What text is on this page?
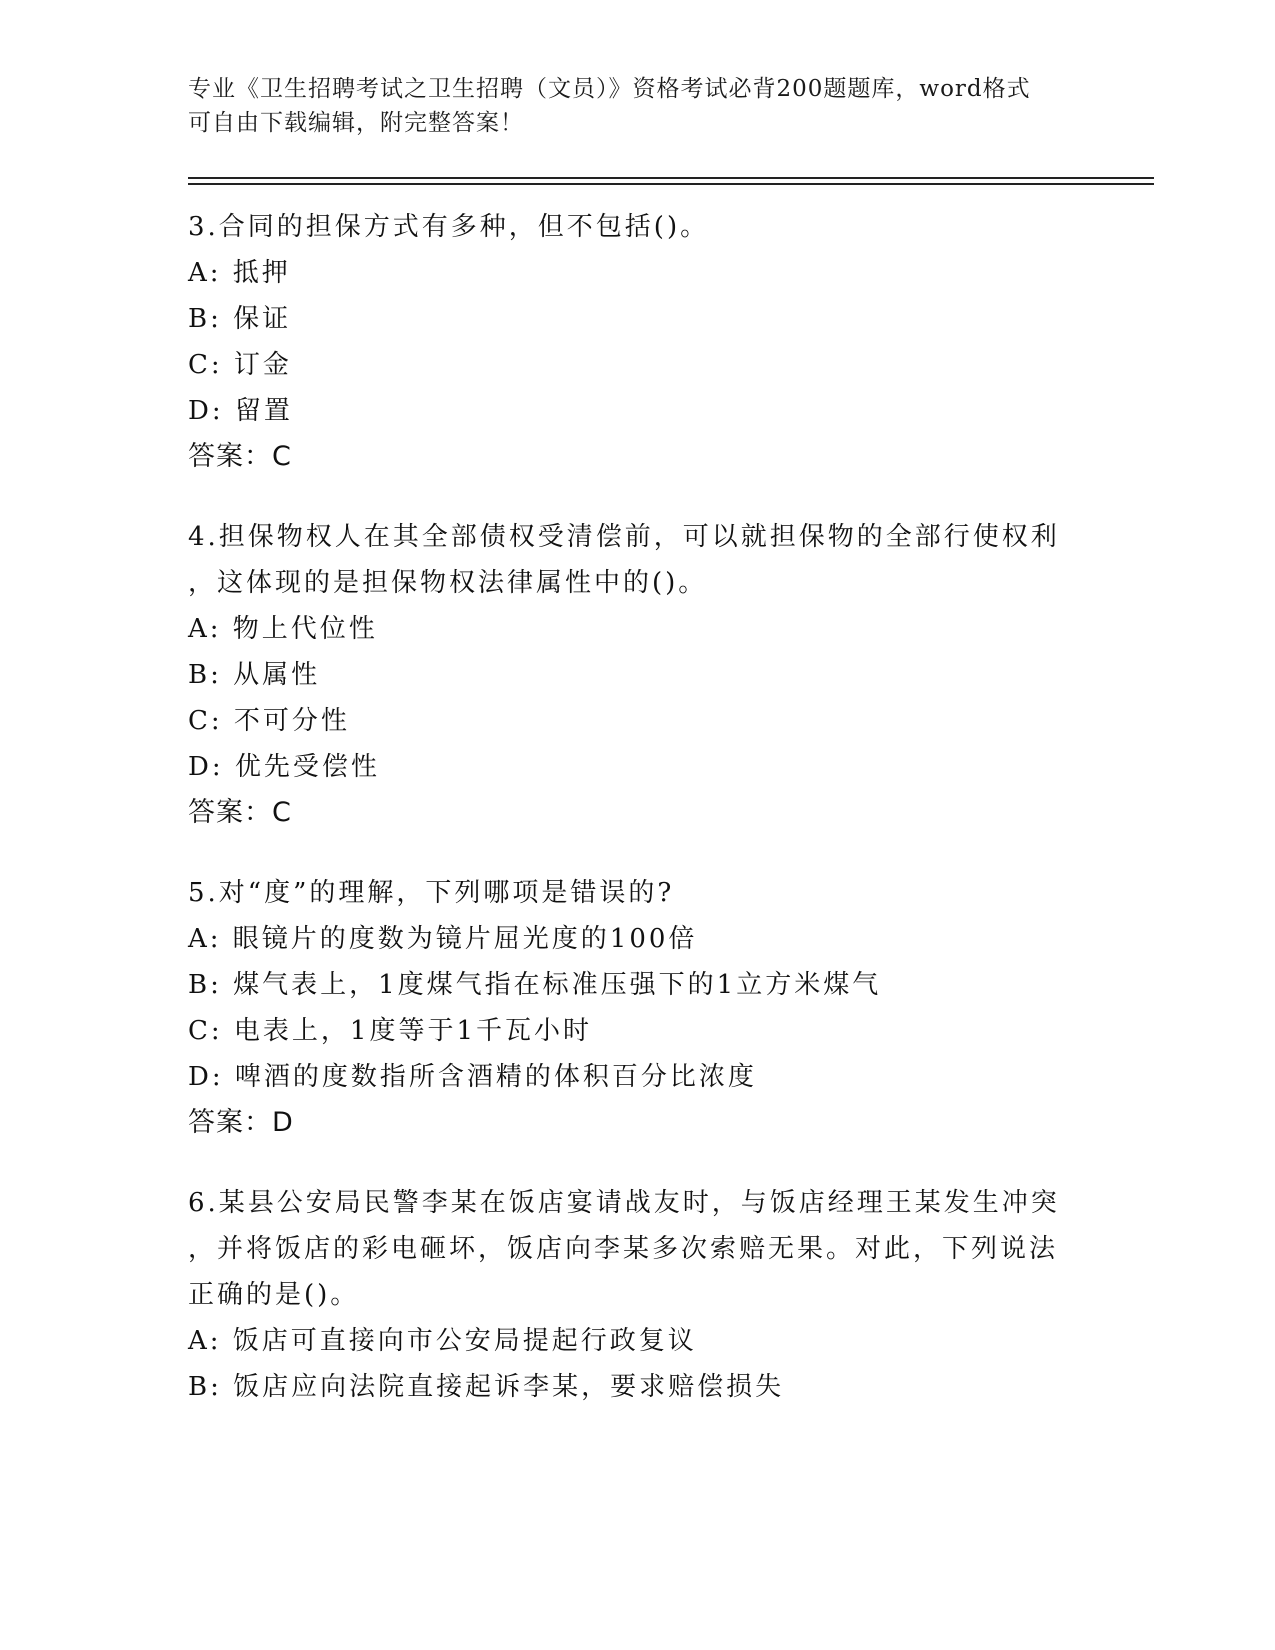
专业《卫生招聘考试之卫生招聘（文员）》资格考试必背200题题库，word格式
可自由下载编辑，附完整答案！
3.合同的担保方式有多种，但不包括()。
A: 抵押
B: 保证
C: 订金
D: 留置
答案：C
4.担保物权人在其全部债权受清偿前，可以就担保物的全部行使权利
，这体现的是担保物权法律属性中的()。
A: 物上代位性
B: 从属性
C: 不可分性
D: 优先受偿性
答案：C
5.对“度”的理解，下列哪项是错误的?
A: 眼镜片的度数为镜片屈光度的100倍
B: 煤气表上，1度煤气指在标准压强下的1立方米煤气
C: 电表上，1度等于1千瓦小时
D: 啤酒的度数指所含酒精的体积百分比浓度
答案：D
6.某县公安局民警李某在饭店宴请战友时，与饭店经理王某发生冲突
，并将饭店的彩电砸坏，饭店向李某多次索赔无果。对此，下列说法
正确的是()。
A: 饭店可直接向市公安局提起行政复议
B: 饭店应向法院直接起诉李某，要求赔偿损失
